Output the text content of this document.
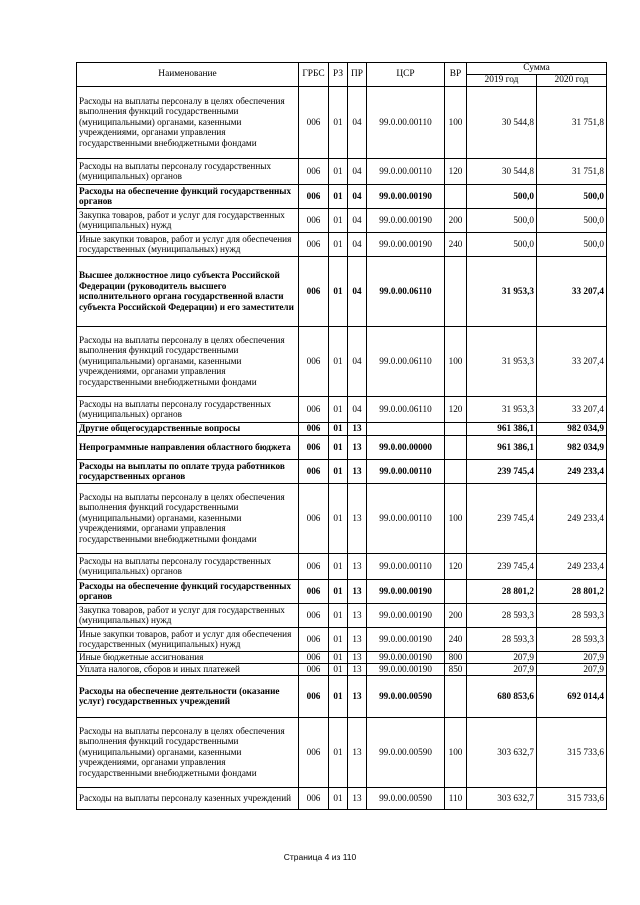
Наименование	ГРБС	РЗ	ПР	ЦСР	ВР	Сумма	
						2019 год	2020 год
Расходы на выплаты персоналу в целях обеспечения выполнения функций государственными (муниципальными) органами, казенными учреждениями, органами управления государственными внебюджетными фондами	006	01	04	99.0.00.00110	100	30 544,8	31 751,8
Расходы на выплаты персоналу государственных (муниципальных) органов	006	01	04	99.0.00.00110	120	30 544,8	31 751,8
Расходы на обеспечение функций государственных органов	006	01	04	99.0.00.00190		500,0	500,0
Закупка товаров, работ и услуг для государственных (муниципальных) нужд	006	01	04	99.0.00.00190	200	500,0	500,0
Иные закупки товаров, работ и услуг для обеспечения государственных (муниципальных) нужд	006	01	04	99.0.00.00190	240	500,0	500,0
Высшее должностное лицо субъекта Российской Федерации (руководитель высшего исполнительного органа государственной власти субъекта Российской Федерации) и его заместители	006	01	04	99.0.00.06110		31 953,3	33 207,4
Расходы на выплаты персоналу в целях обеспечения выполнения функций государственными (муниципальными) органами, казенными учреждениями, органами управления государственными внебюджетными фондами	006	01	04	99.0.00.06110	100	31 953,3	33 207,4
Расходы на выплаты персоналу государственных (муниципальных) органов	006	01	04	99.0.00.06110	120	31 953,3	33 207,4
Другие общегосударственные вопросы	006	01	13			961 386,1	982 034,9
Непрограммные направления областного бюджета	006	01	13	99.0.00.00000		961 386,1	982 034,9
Расходы на выплаты по оплате труда работников государственных органов	006	01	13	99.0.00.00110		239 745,4	249 233,4
Расходы на выплаты персоналу в целях обеспечения выполнения функций государственными (муниципальными) органами, казенными учреждениями, органами управления государственными внебюджетными фондами	006	01	13	99.0.00.00110	100	239 745,4	249 233,4
Расходы на выплаты персоналу государственных (муниципальных) органов	006	01	13	99.0.00.00110	120	239 745,4	249 233,4
Расходы на обеспечение функций государственных органов	006	01	13	99.0.00.00190		28 801,2	28 801,2
Закупка товаров, работ и услуг для государственных (муниципальных) нужд	006	01	13	99.0.00.00190	200	28 593,3	28 593,3
Иные закупки товаров, работ и услуг для обеспечения государственных (муниципальных) нужд	006	01	13	99.0.00.00190	240	28 593,3	28 593,3
Иные бюджетные ассигнования	006	01	13	99.0.00.00190	800	207,9	207,9
Уплата налогов, сборов и иных платежей	006	01	13	99.0.00.00190	850	207,9	207,9
Расходы на обеспечение деятельности (оказание услуг) государственных учреждений	006	01	13	99.0.00.00590		680 853,6	692 014,4
Расходы на выплаты персоналу в целях обеспечения выполнения функций государственными (муниципальными) органами, казенными учреждениями, органами управления государственными внебюджетными фондами	006	01	13	99.0.00.00590	100	303 632,7	315 733,6
Расходы на выплаты персоналу казенных учреждений	006	01	13	99.0.00.00590	110	303 632,7	315 733,6
Страница 4 из 110
